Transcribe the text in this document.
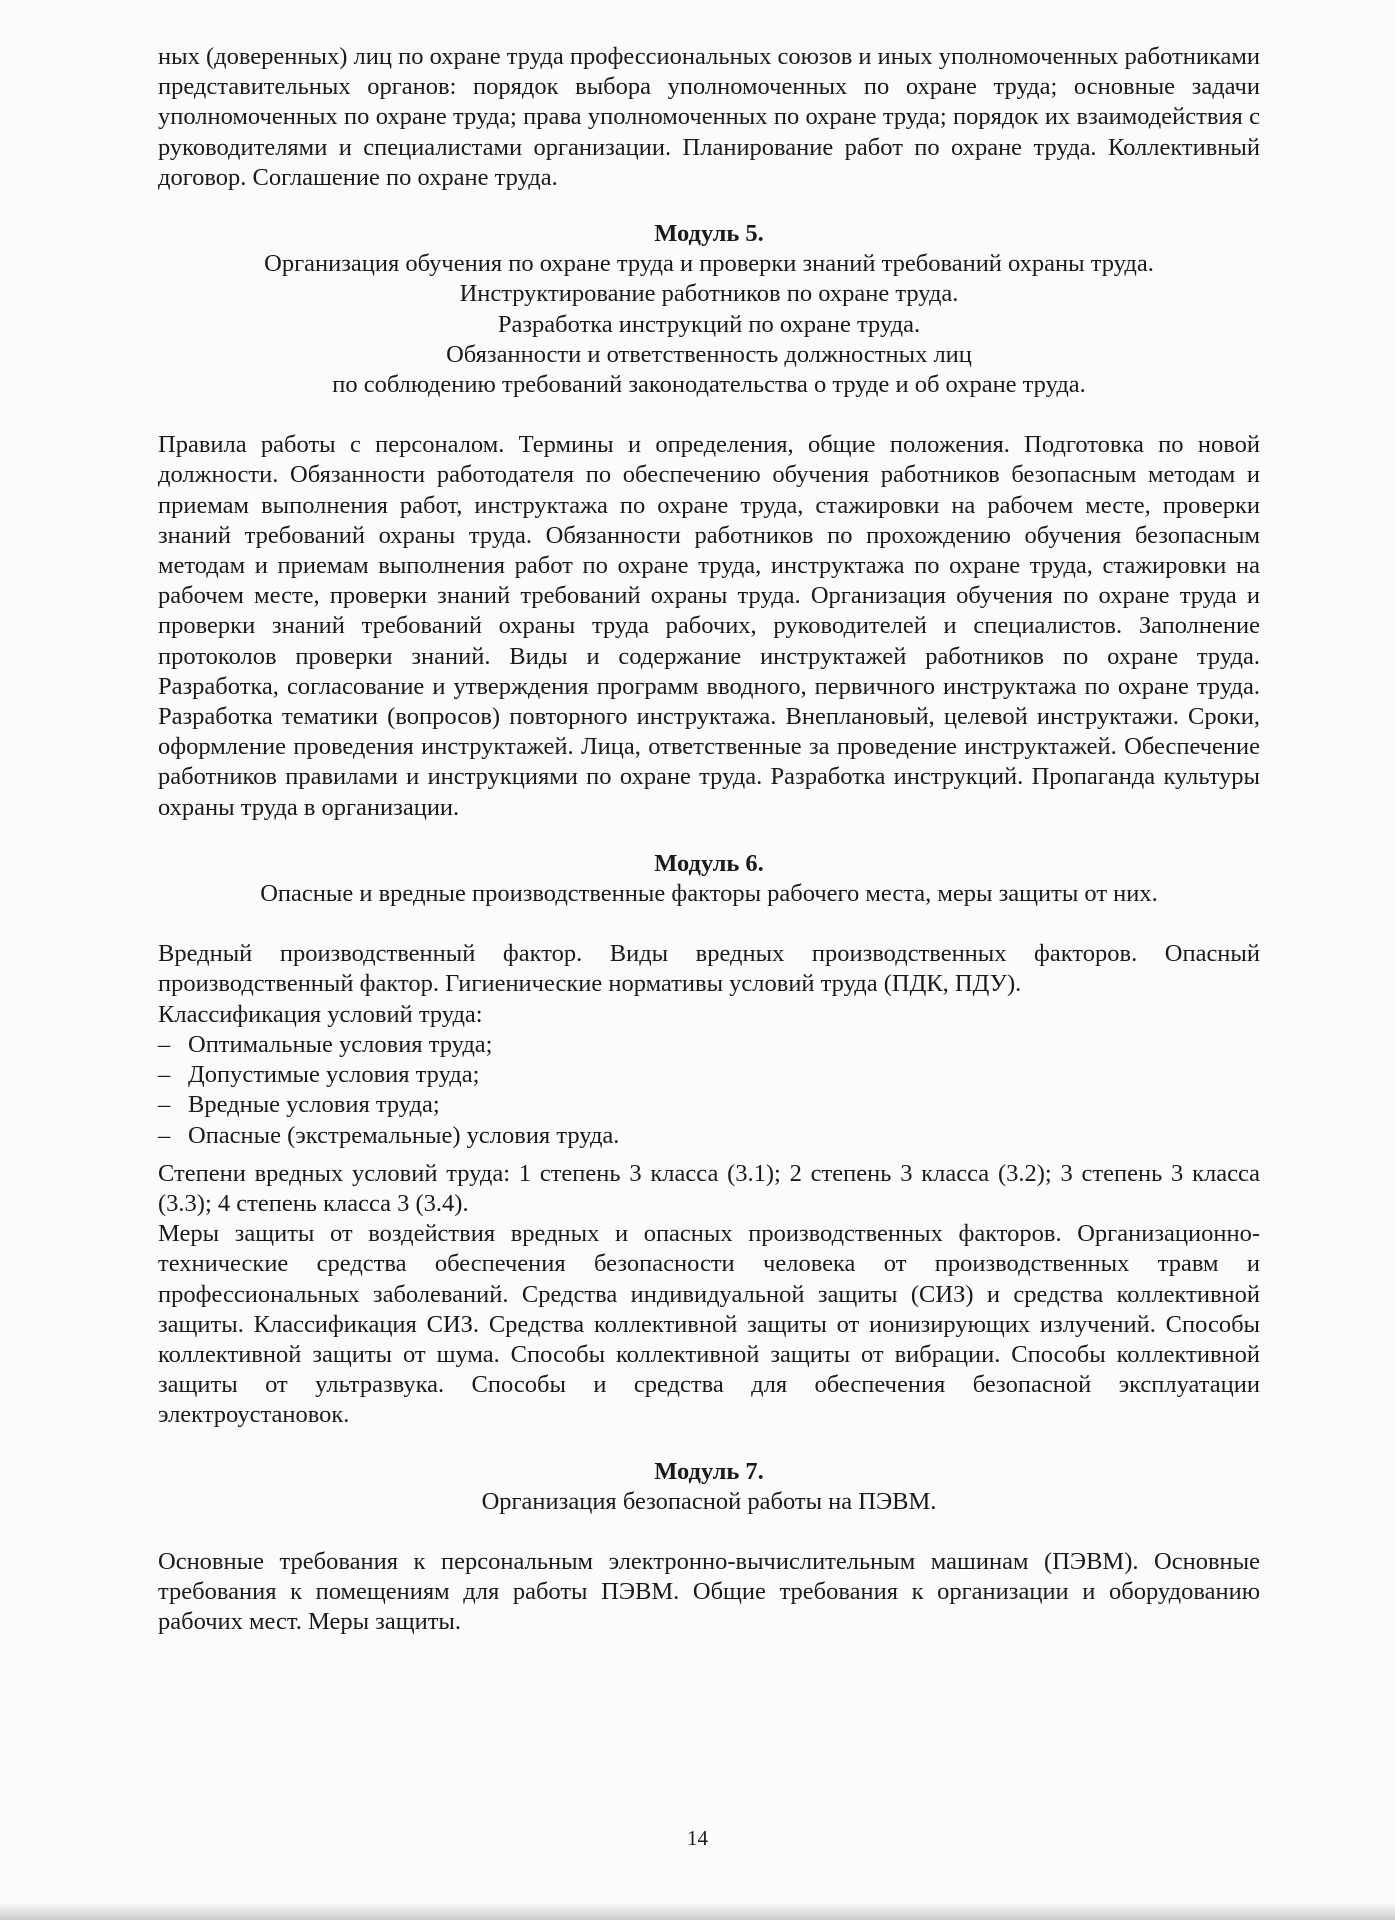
ных (доверенных) лиц по охране труда профессиональных союзов и иных уполномоченных работниками представительных органов: порядок выбора уполномоченных по охране труда; основные задачи уполномоченных по охране труда; права уполномоченных по охране труда; порядок их взаимодействия с руководителями и специалистами организации. Планирование работ по охране труда. Коллективный договор. Соглашение по охране труда.

Модуль 5.
Организация обучения по охране труда и проверки знаний требований охраны труда.
Инструктирование работников по охране труда.
Разработка инструкций по охране труда.
Обязанности и ответственность должностных лиц
по соблюдению требований законодательства о труде и об охране труда.

Правила работы с персоналом. Термины и определения, общие положения. Подготовка по новой должности. Обязанности работодателя по обеспечению обучения работников безопасным методам и приемам выполнения работ, инструктажа по охране труда, стажировки на рабочем месте, проверки знаний требований охраны труда. Обязанности работников по прохождению обучения безопасным методам и приемам выполнения работ по охране труда, инструктажа по охране труда, стажировки на рабочем месте, проверки знаний требований охраны труда. Организация обучения по охране труда и проверки знаний требований охраны труда рабочих, руководителей и специалистов. Заполнение протоколов проверки знаний. Виды и содержание инструктажей работников по охране труда. Разработка, согласование и утверждения программ вводного, первичного инструктажа по охране труда. Разработка тематики (вопросов) повторного инструктажа. Внеплановый, целевой инструктажи. Сроки, оформление проведения инструктажей. Лица, ответственные за проведение инструктажей. Обеспечение работников правилами и инструкциями по охране труда. Разработка инструкций. Пропаганда культуры охраны труда в организации.

Модуль 6.
Опасные и вредные производственные факторы рабочего места, меры защиты от них.

Вредный производственный фактор. Виды вредных производственных факторов. Опасный производственный фактор. Гигиенические нормативы условий труда (ПДК, ПДУ).

Классификация условий труда:

– Оптимальные условия труда;
– Допустимые условия труда;
– Вредные условия труда;
– Опасные (экстремальные) условия труда.

Степени вредных условий труда: 1 степень 3 класса (3.1); 2 степень 3 класса (3.2); 3 степень 3 класса (3.3); 4 степень класса 3 (3.4).

Меры защиты от воздействия вредных и опасных производственных факторов. Организационно-технические средства обеспечения безопасности человека от производственных травм и профессиональных заболеваний. Средства индивидуальной защиты (СИЗ) и средства коллективной защиты. Классификация СИЗ. Средства коллективной защиты от ионизирующих излучений. Способы коллективной защиты от шума. Способы коллективной защиты от вибрации. Способы коллективной защиты от ультразвука. Способы и средства для обеспечения безопасной эксплуатации электроустановок.

Модуль 7.
Организация безопасной работы на ПЭВМ.

Основные требования к персональным электронно-вычислительным машинам (ПЭВМ). Основные требования к помещениям для работы ПЭВМ. Общие требования к организации и оборудованию рабочих мест. Меры защиты.

14
